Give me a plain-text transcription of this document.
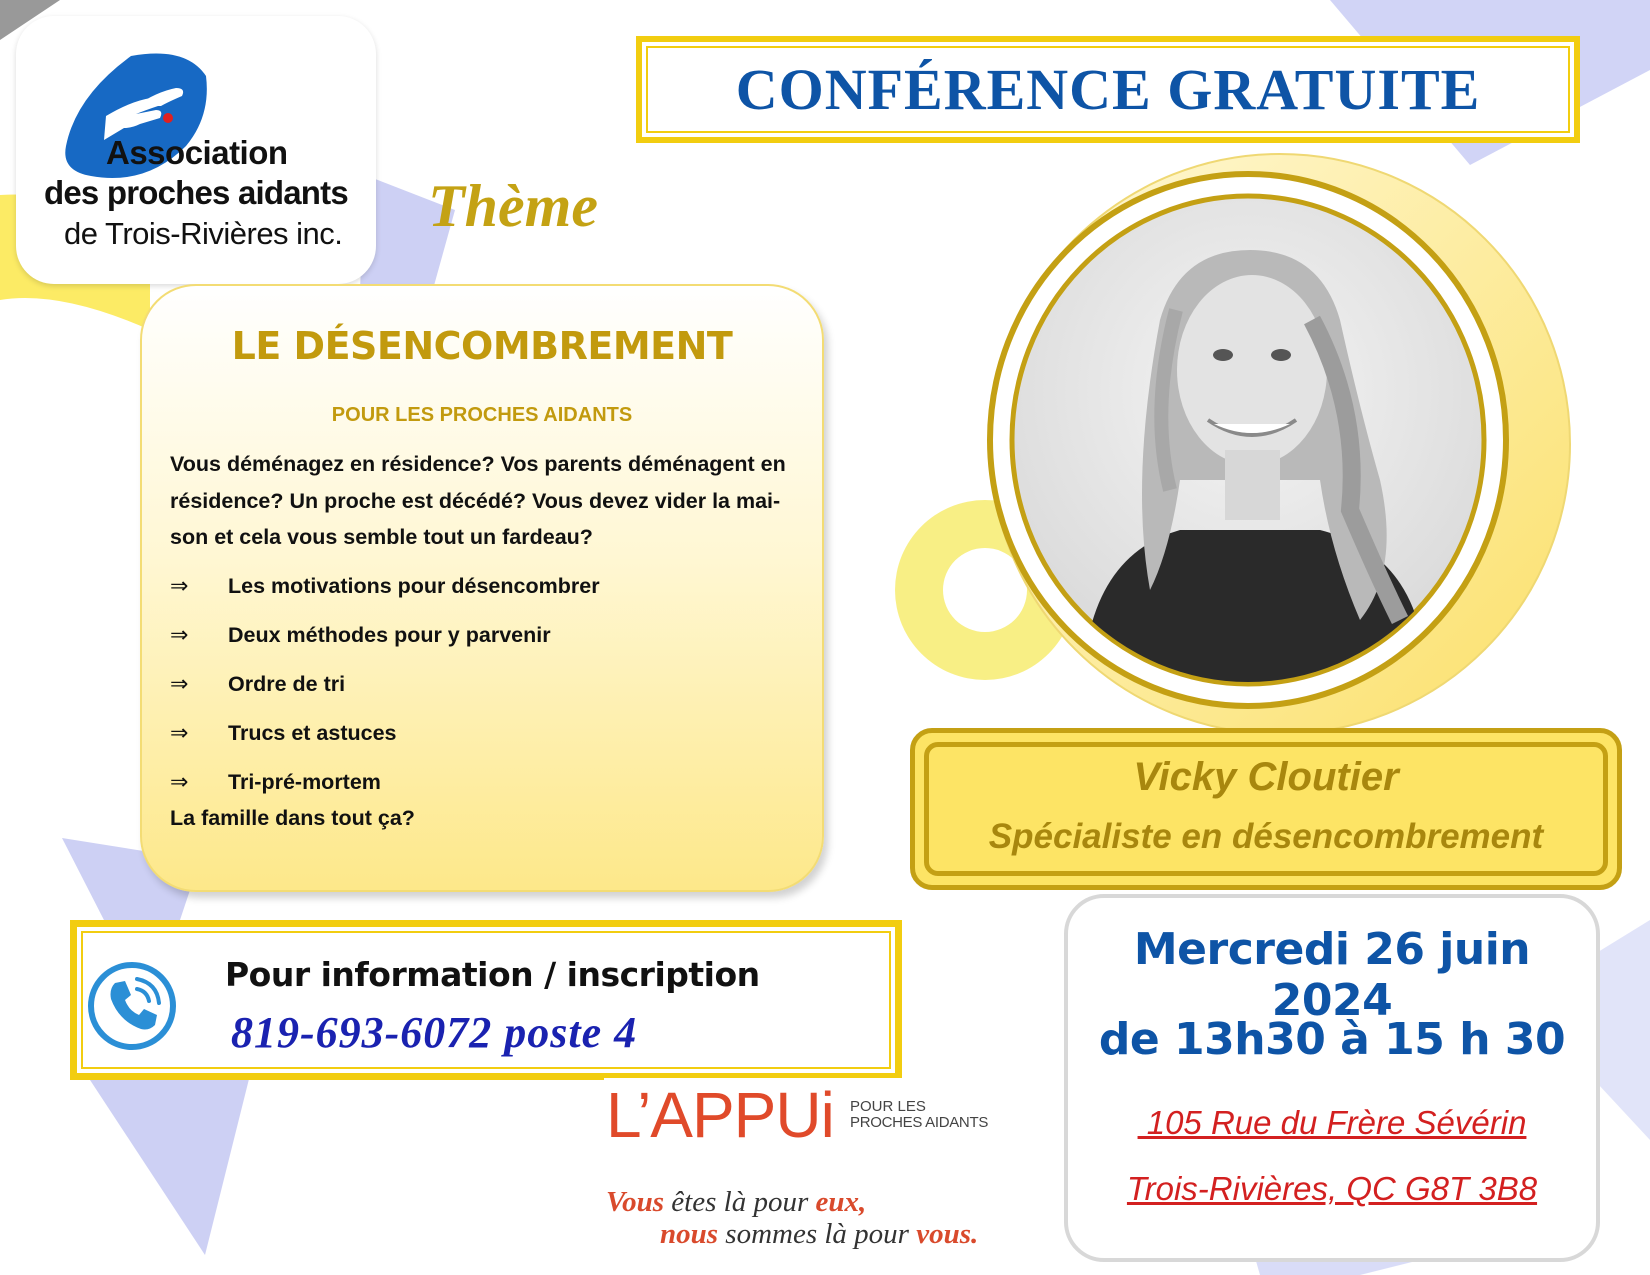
Association
des proches aidants
de Trois-Rivières inc.
CONFÉRENCE GRATUITE
Thème
LE DÉSENCOMBREMENT
POUR LES PROCHES AIDANTS
Vous déménagez en résidence? Vos parents déménagent en
résidence? Un proche est décédé? Vous devez vider la mai-
son et cela vous semble tout un fardeau?
⇒ Les motivations pour désencombrer
⇒ Deux méthodes pour y parvenir
⇒ Ordre de tri
⇒ Trucs et astuces
⇒ Tri-pré-mortem
La famille dans tout ça?
Vicky Cloutier
Spécialiste en désencombrement
Pour information / inscription
819-693-6072 poste 4
Mercredi 26 juin 2024
de 13h30 à 15 h 30
105 Rue du Frère Sévérin
Trois-Rivières, QC G8T 3B8
L’APPUi POUR LES
PROCHES AIDANTS
Vous êtes là pour eux,
nous sommes là pour vous.
